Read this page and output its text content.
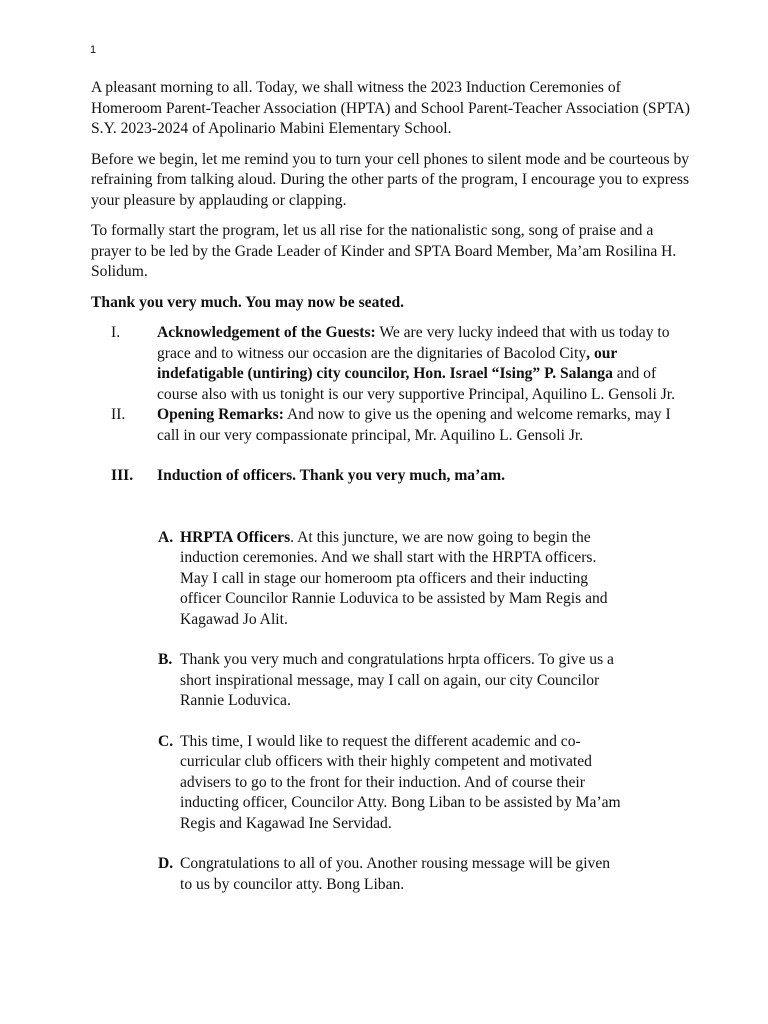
1

A pleasant morning to all. Today, we shall witness the 2023 Induction Ceremonies of Homeroom Parent-Teacher Association (HPTA) and School Parent-Teacher Association (SPTA) S.Y. 2023-2024 of Apolinario Mabini Elementary School.

Before we begin, let me remind you to turn your cell phones to silent mode and be courteous by refraining from talking aloud. During the other parts of the program, I encourage you to express your pleasure by applauding or clapping.

To formally start the program, let us all rise for the nationalistic song, song of praise and a prayer to be led by the Grade Leader of Kinder and SPTA Board Member, Ma’am Rosilina H. Solidum.

Thank you very much. You may now be seated.

I.	Acknowledgement of the Guests: We are very lucky indeed that with us today to grace and to witness our occasion are the dignitaries of Bacolod City, our indefatigable (untiring) city councilor, Hon. Israel “Ising” P. Salanga and of course also with us tonight is our very supportive Principal, Aquilino L. Gensoli Jr.
II.	Opening Remarks: And now to give us the opening and welcome remarks, may I call in our very compassionate principal, Mr. Aquilino L. Gensoli Jr.
III.	Induction of officers. Thank you very much, ma’am.
A. HRPTA Officers. At this juncture, we are now going to begin the induction ceremonies. And we shall start with the HRPTA officers. May I call in stage our homeroom pta officers and their inducting officer Councilor Rannie Loduvica to be assisted by Mam Regis and Kagawad Jo Alit.
B. Thank you very much and congratulations hrpta officers. To give us a short inspirational message, may I call on again, our city Councilor Rannie Loduvica.
C. This time, I would like to request the different academic and co-curricular club officers with their highly competent and motivated advisers to go to the front for their induction. And of course their inducting officer, Councilor Atty. Bong Liban to be assisted by Ma’am Regis and Kagawad Ine Servidad.
D. Congratulations to all of you. Another rousing message will be given to us by councilor atty. Bong Liban.
